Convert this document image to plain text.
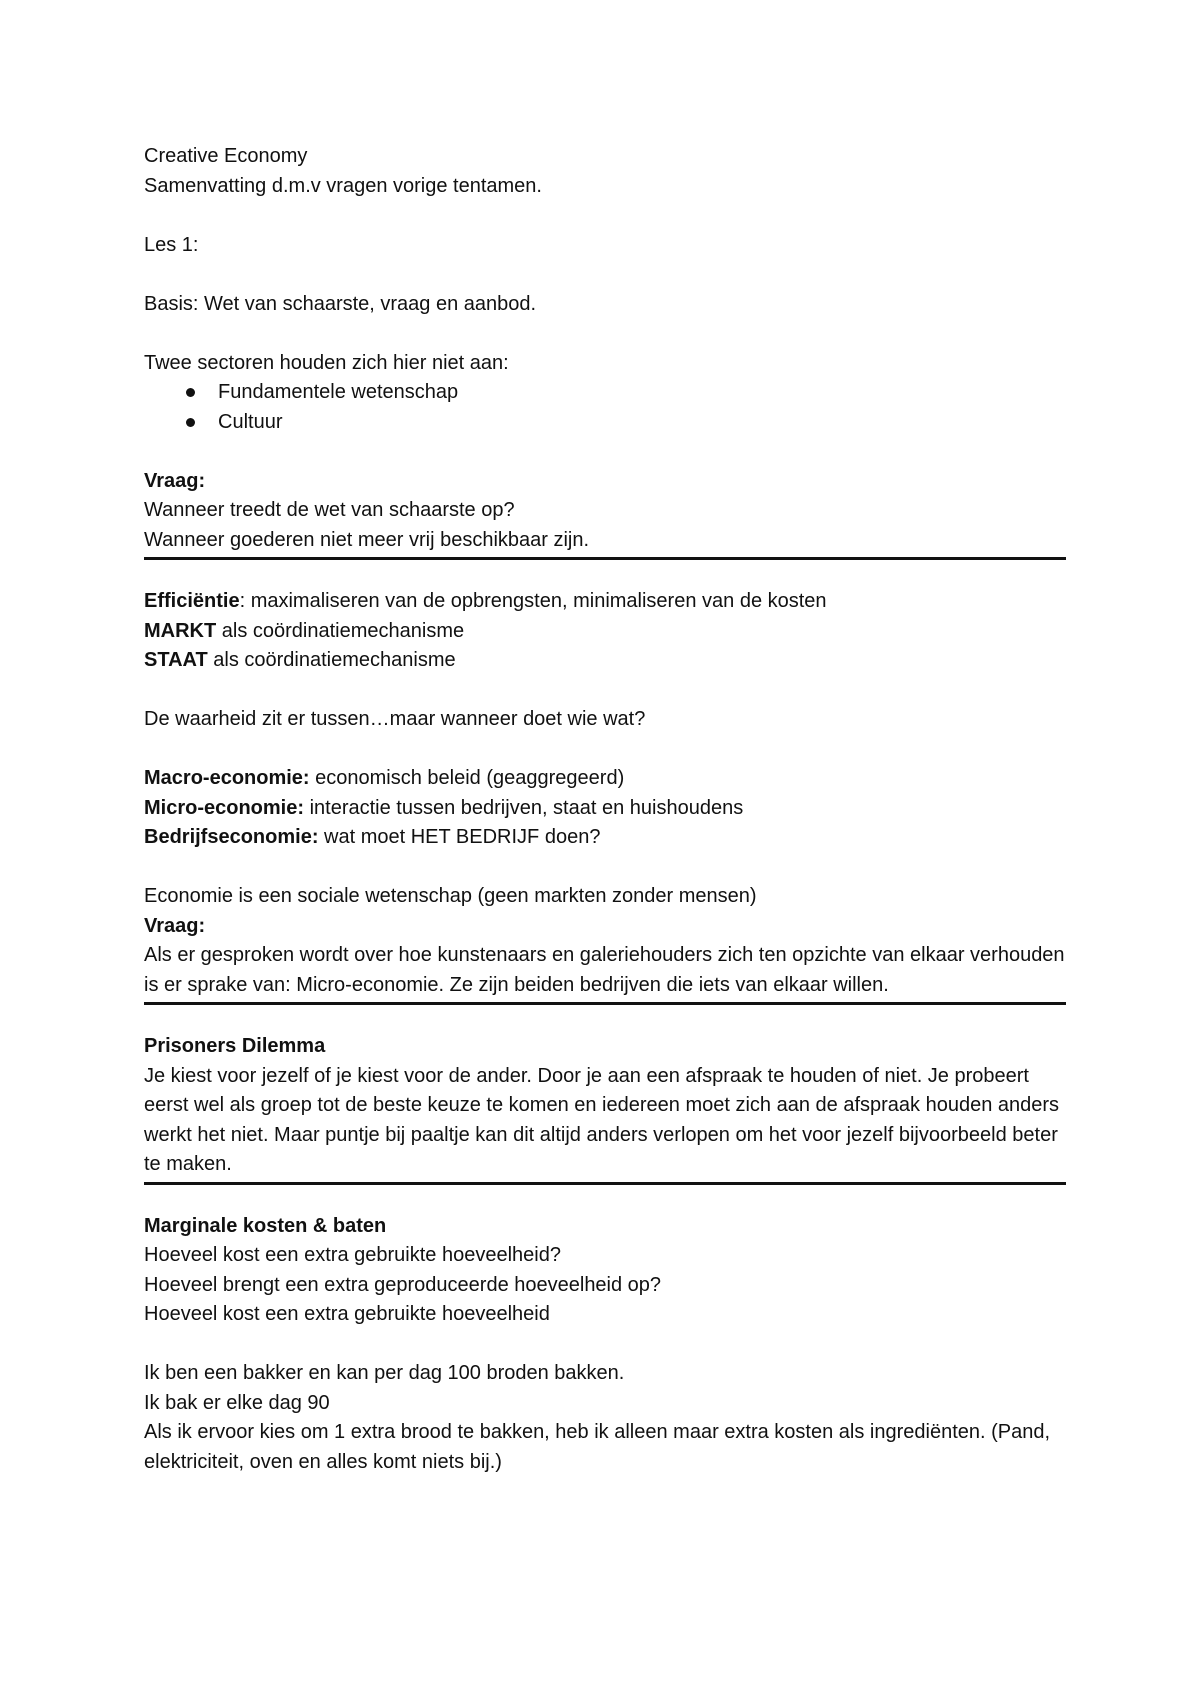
Creative Economy
Samenvatting d.m.v vragen vorige tentamen.
Les 1:
Basis: Wet van schaarste, vraag en aanbod.
Twee sectoren houden zich hier niet aan:
Fundamentele wetenschap
Cultuur
Vraag:
Wanneer treedt de wet van schaarste op?
Wanneer goederen niet meer vrij beschikbaar zijn.
Efficiëntie: maximaliseren van de opbrengsten, minimaliseren van de kosten
MARKT als coördinatiemechanisme
STAAT als coördinatiemechanisme
De waarheid zit er tussen…maar wanneer doet wie wat?
Macro-economie: economisch beleid (geaggregeerd)
Micro-economie: interactie tussen bedrijven, staat en huishoudens
Bedrijfseconomie: wat moet HET BEDRIJF doen?
Economie is een sociale wetenschap (geen markten zonder mensen)
Vraag:
Als er gesproken wordt over hoe kunstenaars en galeriehouders zich ten opzichte van elkaar verhouden is er sprake van: Micro-economie. Ze zijn beiden bedrijven die iets van elkaar willen.
Prisoners Dilemma
Je kiest voor jezelf of je kiest voor de ander. Door je aan een afspraak te houden of niet. Je probeert eerst wel als groep tot de beste keuze te komen en iedereen moet zich aan de afspraak houden anders werkt het niet. Maar puntje bij paaltje kan dit altijd anders verlopen om het voor jezelf bijvoorbeeld beter te maken.
Marginale kosten & baten
Hoeveel kost een extra gebruikte hoeveelheid?
Hoeveel brengt een extra geproduceerde hoeveelheid op?
Hoeveel kost een extra gebruikte hoeveelheid
Ik ben een bakker en kan per dag 100 broden bakken.
Ik bak er elke dag 90
Als ik ervoor kies om 1 extra brood te bakken, heb ik alleen maar extra kosten als ingrediënten. (Pand, elektriciteit, oven en alles komt niets bij.)
